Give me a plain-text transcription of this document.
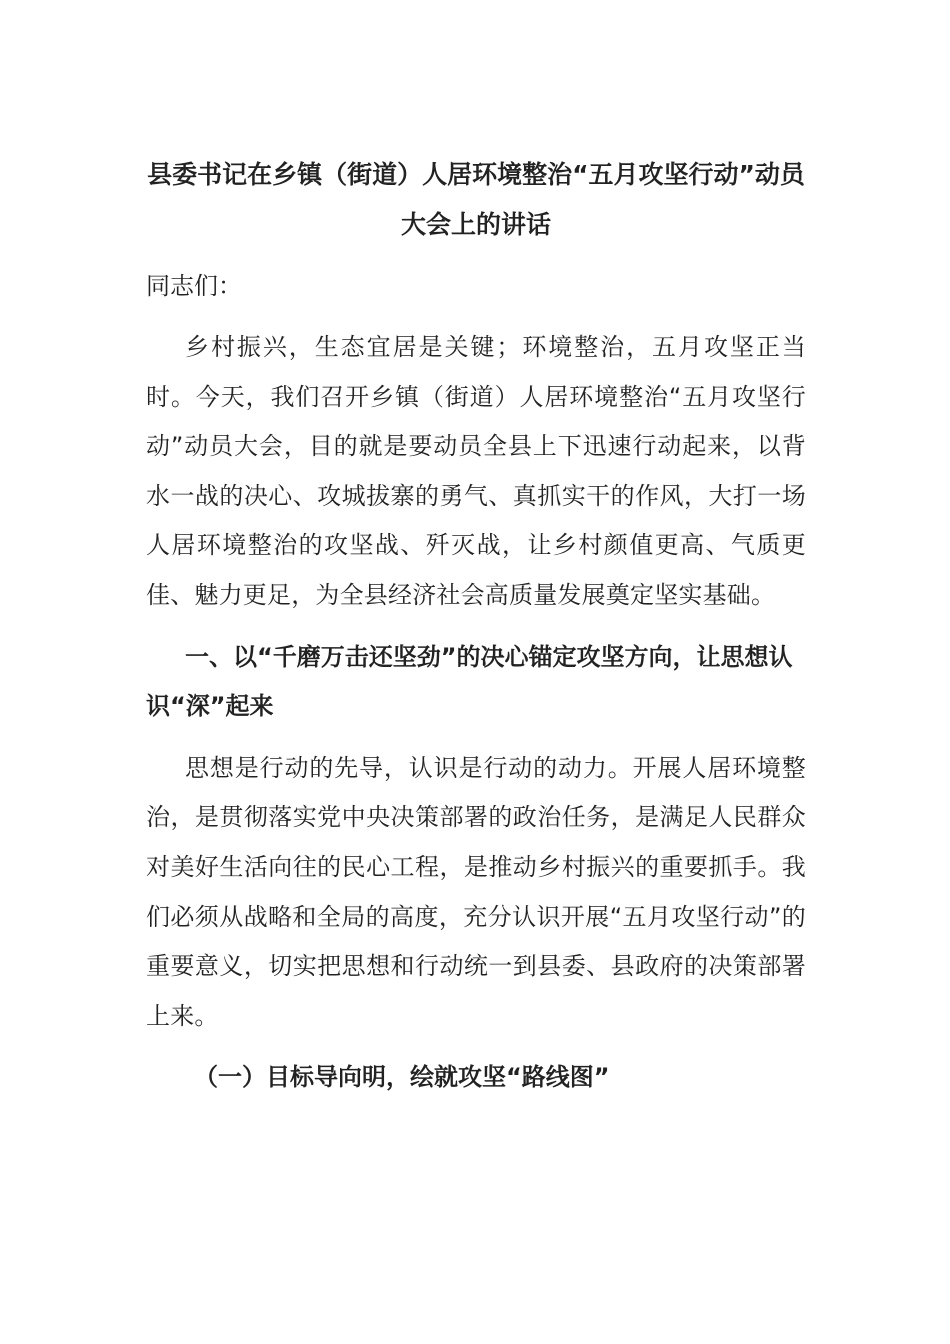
县委书记在乡镇（街道）人居环境整治“五月攻坚行动”动员大会上的讲话
同志们：
乡村振兴，生态宜居是关键；环境整治，五月攻坚正当时。今天，我们召开乡镇（街道）人居环境整治“五月攻坚行动”动员大会，目的就是要动员全县上下迅速行动起来，以背水一战的决心、攻城拔寨的勇气、真抓实干的作风，大打一场人居环境整治的攻坚战、歼灭战，让乡村颜值更高、气质更佳、魅力更足，为全县经济社会高质量发展奠定坚实基础。
一、以“千磨万击还坚劲”的决心锚定攻坚方向，让思想认识“深”起来
思想是行动的先导，认识是行动的动力。开展人居环境整治，是贯彻落实党中央决策部署的政治任务，是满足人民群众对美好生活向往的民心工程，是推动乡村振兴的重要抓手。我们必须从战略和全局的高度，充分认识开展“五月攻坚行动”的重要意义，切实把思想和行动统一到县委、县政府的决策部署上来。
（一）目标导向明，绘就攻坚“路线图”
